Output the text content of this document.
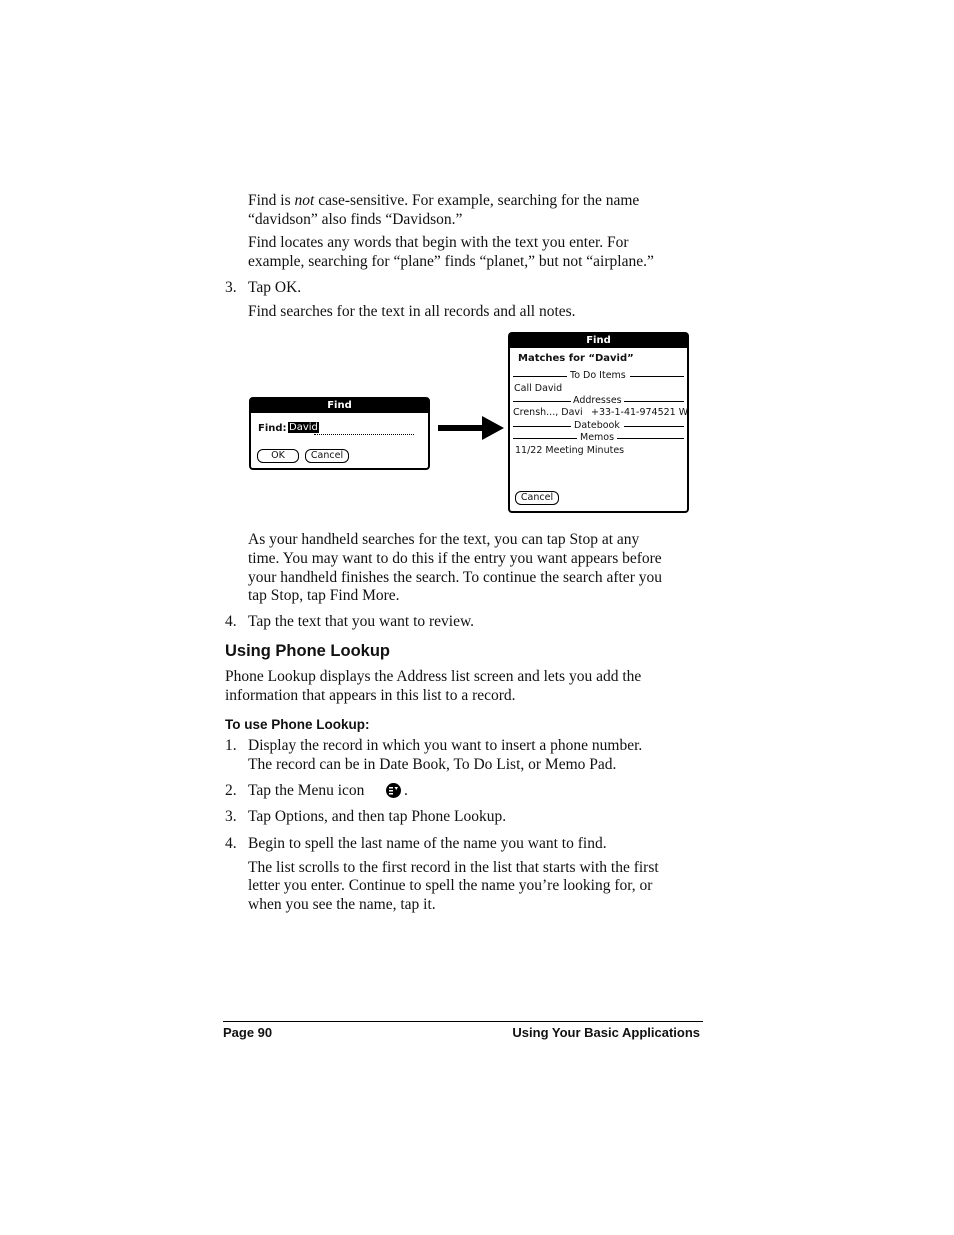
Find is not case-sensitive. For example, searching for the name

“davidson” also finds “Davidson.”

Find locates any words that begin with the text you enter. For

example, searching for “plane” finds “planet,” but not “airplane.”

3. Tap OK.

Find searches for the text in all records and all notes.

Find
Find: David
OK	Cancel
Find
Matches for “David”
To Do Items
Call David
Addresses
Crensh..., Davi +33-1-41-974521 W
Datebook
Memos
11/22 Meeting Minutes
Cancel

As your handheld searches for the text, you can tap Stop at any

time. You may want to do this if the entry you want appears before

your handheld finishes the search. To continue the search after you

tap Stop, tap Find More.

4. Tap the text that you want to review.

Using Phone Lookup

Phone Lookup displays the Address list screen and lets you add the

information that appears in this list to a record.

To use Phone Lookup:
1. Display the record in which you want to insert a phone number.

The record can be in Date Book, To Do List, or Memo Pad.

2. Tap the Menu icon	.
3. Tap Options, and then tap Phone Lookup.

4. Begin to spell the last name of the name you want to find.

The list scrolls to the first record in the list that starts with the first

letter you enter. Continue to spell the name you’re looking for, or

when you see the name, tap it.

Page 90	Using Your Basic Applications
